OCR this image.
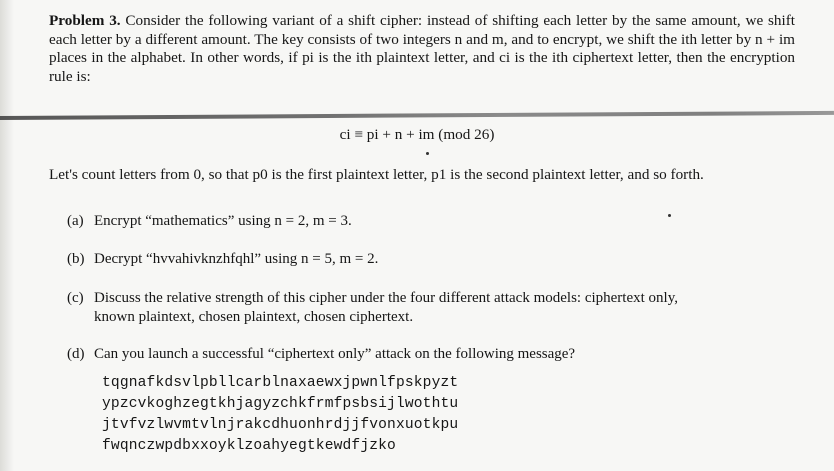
Problem 3. Consider the following variant of a shift cipher: instead of shifting each letter by the same amount, we shift each letter by a different amount. The key consists of two integers n and m, and to encrypt, we shift the ith letter by n + im places in the alphabet. In other words, if pi is the ith plaintext letter, and ci is the ith ciphertext letter, then the encryption rule is:
ci ≡ pi + n + im (mod 26)
Let's count letters from 0, so that p0 is the first plaintext letter, p1 is the second plaintext letter, and so forth.
(a) Encrypt “mathematics” using n = 2, m = 3.
(b) Decrypt “hvvahivknzhfqhl” using n = 5, m = 2.
(c) Discuss the relative strength of this cipher under the four different attack models: ciphertext only,
known plaintext, chosen plaintext, chosen ciphertext.
(d) Can you launch a successful “ciphertext only” attack on the following message?
tqgnafkdsvlpbllcarblnaxaewxjpwnlfpskpyzt
ypzcvkoghzegtkhjagyzchkfrmfpsbsijlwothtu
jtvfvzlwvmtvlnjrakcdhuonhrdjjfvonxuotkpu
fwqnczwpdbxxoyklzoahyegtkewdfjzko
